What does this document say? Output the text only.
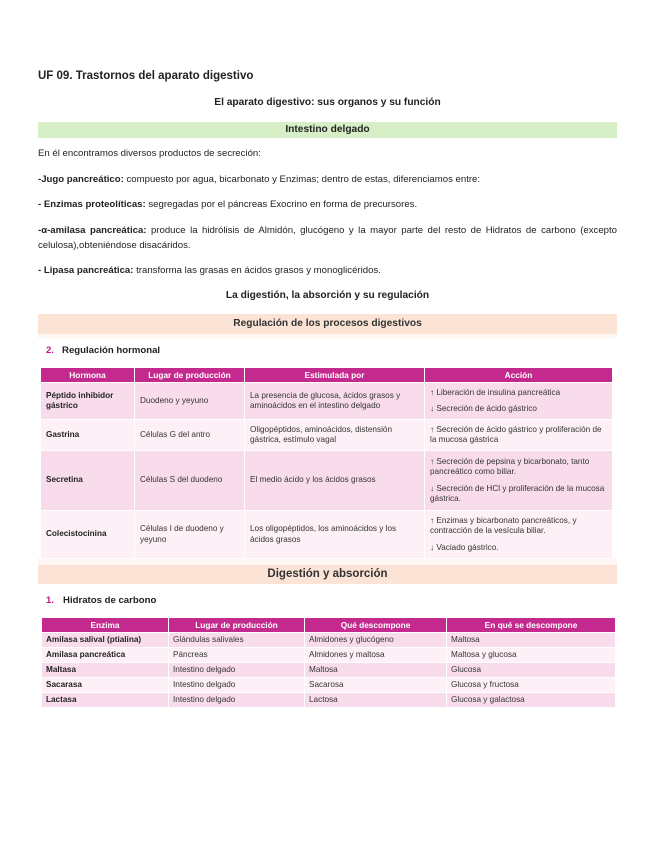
UF 09. Trastornos del aparato digestivo
El aparato digestivo: sus organos y su función
Intestino delgado
En él encontramos diversos productos de secreción:
-Jugo pancreático: compuesto por agua, bicarbonato y Enzimas; dentro de estas, diferenciamos entre:
- Enzimas proteolíticas: segregadas por el páncreas Exocrino en forma de precursores.
-α-amilasa pancreática: produce la hidrólisis de Almidón, glucógeno y la mayor parte del resto de Hidratos de carbono (excepto celulosa),obteniéndose disacáridos.
- Lipasa pancreática: transforma las grasas en ácidos grasos y monoglicéridos.
La digestión, la absorción y su regulación
Regulación de los procesos digestivos
2. Regulación hormonal
Hormona	Lugar de producción	Estimulada por	Acción
Péptido inhibidor gástrico	Duodeno y yeyuno	La presencia de glucosa, ácidos grasos y aminoácidos en el intestino delgado	↑ Liberación de insulina pancreática
↓ Secreción de ácido gástrico

Gastrina	Células G del antro	Oligopéptidos, aminoácidos, distensión gástrica, estímulo vagal	↑ Secreción de ácido gástrico y proliferación de la mucosa gástrica

Secretina	Células S del duodeno	El medio ácido y los ácidos grasos	↑ Secreción de pepsina y bicarbonato, tanto pancreático como biliar.
↓ Secreción de HCl y proliferación de la mucosa gástrica.

Colecistocinina	Células I de duodeno y yeyuno	Los oligopéptidos, los aminoácidos y los ácidos grasos	↑ Enzimas y bicarbonato pancreáticos, y contracción de la vesícula biliar.
↓ Vaciado gástrico.
Digestión y absorción
1. Hidratos de carbono
Enzima	Lugar de producción	Qué descompone	En qué se descompone
Amilasa salival (ptialina)	Glándulas salivales	Almidones y glucógeno	Maltosa
Amilasa pancreática	Páncreas	Almidones y maltosa	Maltosa y glucosa
Maltasa	Intestino delgado	Maltosa	Glucosa
Sacarasa	Intestino delgado	Sacarosa	Glucosa y fructosa
Lactasa	Intestino delgado	Lactosa	Glucosa y galactosa
